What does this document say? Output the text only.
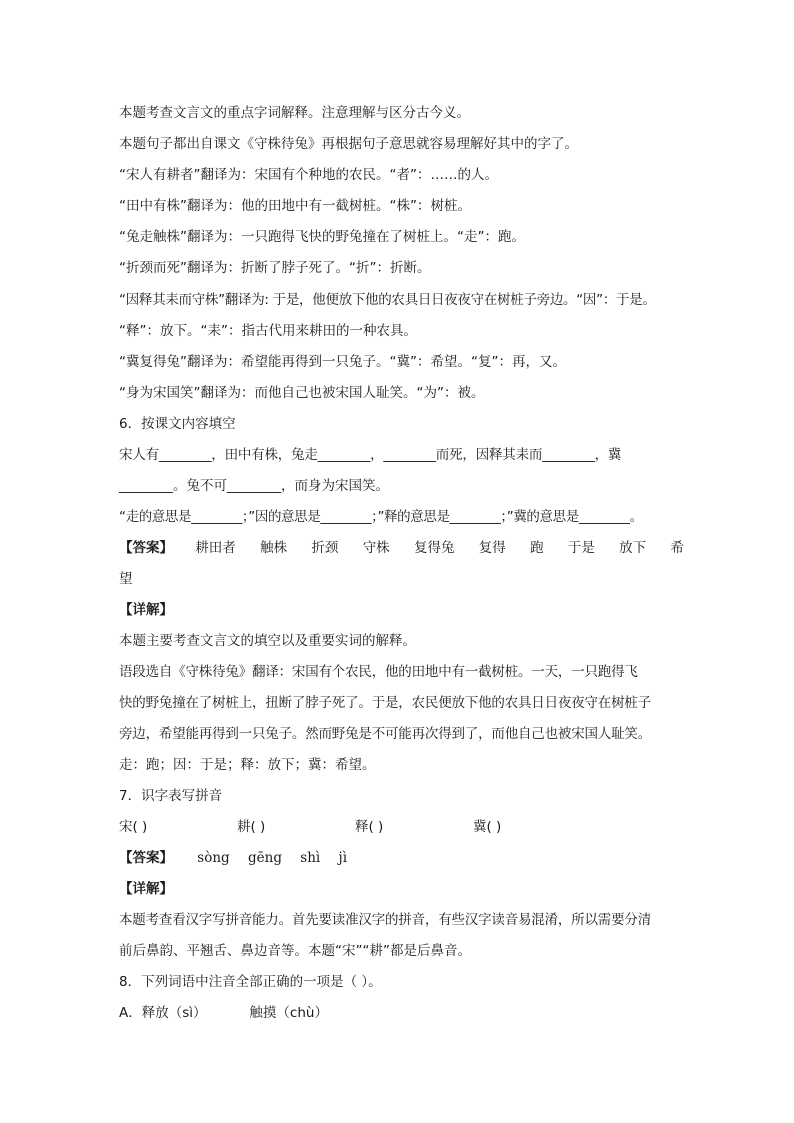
本题考查文言文的重点字词解释。注意理解与区分古今义。
本题句子都出自课文《守株待兔》再根据句子意思就容易理解好其中的字了。
“宋人有耕者”翻译为：宋国有个种地的农民。“者”：……的人。
“田中有株”翻译为：他的田地中有一截树桩。“株”：树桩。
“兔走触株”翻译为：一只跑得飞快的野兔撞在了树桩上。“走”：跑。
“折颈而死”翻译为：折断了脖子死了。“折”：折断。
“因释其耒而守株”翻译为: 于是，他便放下他的农具日日夜夜守在树桩子旁边。“因”：于是。
“释”：放下。“耒”：指古代用来耕田的一种农具。
“冀复得兔”翻译为：希望能再得到一只兔子。“冀”：希望。“复”：再，又。
“身为宋国笑”翻译为：而他自己也被宋国人耻笑。“为”：被。
6．按课文内容填空
宋人有________，田中有株，兔走________，________而死，因释其耒而________，冀
________。兔不可________，而身为宋国笑。
“走的意思是________；”因的意思是________；”释的意思是________；”冀的意思是________。
【答案】 耕田者 触株 折颈 守株 复得兔 复得 跑 于是 放下 希
望
【详解】
本题主要考查文言文的填空以及重要实词的解释。
语段选自《守株待兔》翻译：宋国有个农民，他的田地中有一截树桩。一天，一只跑得飞
快的野兔撞在了树桩上，扭断了脖子死了。于是，农民便放下他的农具日日夜夜守在树桩子
旁边，希望能再得到一只兔子。然而野兔是不可能再次得到了，而他自己也被宋国人耻笑。
走：跑；因：于是；释：放下；冀：希望。
7．识字表写拼音
宋( )	耕( )	释( )	冀( )
【答案】 sòng gēng shì jì
【详解】
本题考查看汉字写拼音能力。首先要读准汉字的拼音，有些汉字读音易混淆，所以需要分清
前后鼻韵、平翘舌、鼻边音等。本题“宋”“耕”都是后鼻音。
8．下列词语中注音全部正确的一项是（ ）。
A．释放（sì）          触摸（chù）
